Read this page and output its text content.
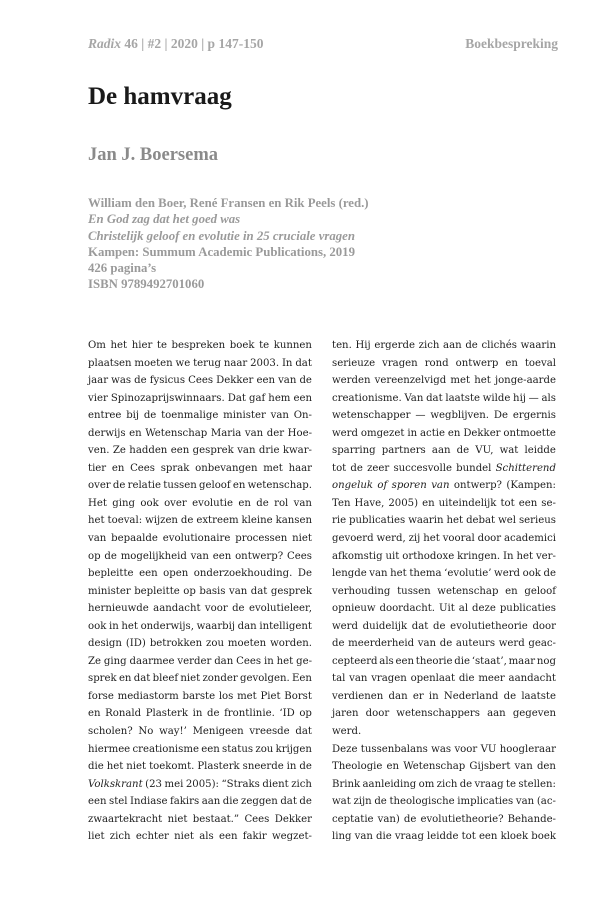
Radix 46 | #2 | 2020 | p 147-150	Boekbespreking
De hamvraag
Jan J. Boersema
William den Boer, René Fransen en Rik Peels (red.)
En God zag dat het goed was
Christelijk geloof en evolutie in 25 cruciale vragen
Kampen: Summum Academic Publications, 2019
426 pagina’s
ISBN 9789492701060
Om het hier te bespreken boek te kunnen
plaatsen moeten we terug naar 2003. In dat
jaar was de fysicus Cees Dekker een van de
vier Spinozaprijswinnaars. Dat gaf hem een
entree bij de toenmalige minister van On-
derwijs en Wetenschap Maria van der Hoe-
ven. Ze hadden een gesprek van drie kwar-
tier en Cees sprak onbevangen met haar
over de relatie tussen geloof en wetenschap.
Het ging ook over evolutie en de rol van
het toeval: wijzen de extreem kleine kansen
van bepaalde evolutionaire processen niet
op de mogelijkheid van een ontwerp? Cees
bepleitte een open onderzoekhouding. De
minister bepleitte op basis van dat gesprek
hernieuwde aandacht voor de evolutieleer,
ook in het onderwijs, waarbij dan intelligent
design (ID) betrokken zou moeten worden.
Ze ging daarmee verder dan Cees in het ge-
sprek en dat bleef niet zonder gevolgen. Een
forse mediastorm barste los met Piet Borst
en Ronald Plasterk in de frontlinie. ‘ID op
scholen? No way!’ Menigeen vreesde dat
hiermee creationisme een status zou krijgen
die het niet toekomt. Plasterk sneerde in de
Volkskrant (23 mei 2005): “Straks dient zich
een stel Indiase fakirs aan die zeggen dat de
zwaartekracht niet bestaat.” Cees Dekker
liet zich echter niet als een fakir wegzet-
ten. Hij ergerde zich aan de clichés waarin
serieuze vragen rond ontwerp en toeval
werden vereenzelvigd met het jonge-aarde
creationisme. Van dat laatste wilde hij — als
wetenschapper — wegblijven. De ergernis
werd omgezet in actie en Dekker ontmoette
sparring partners aan de VU, wat leidde
tot de zeer succesvolle bundel Schitterend
ongeluk of sporen van ontwerp? (Kampen:
Ten Have, 2005) en uiteindelijk tot een se-
rie publicaties waarin het debat wel serieus
gevoerd werd, zij het vooral door academici
afkomstig uit orthodoxe kringen. In het ver-
lengde van het thema ‘evolutie’ werd ook de
verhouding tussen wetenschap en geloof
opnieuw doordacht. Uit al deze publicaties
werd duidelijk dat de evolutietheorie door
de meerderheid van de auteurs werd geac-
cepteerd als een theorie die ‘staat’, maar nog
tal van vragen openlaat die meer aandacht
verdienen dan er in Nederland de laatste
jaren door wetenschappers aan gegeven
werd.
Deze tussenbalans was voor VU hoogleraar
Theologie en Wetenschap Gijsbert van den
Brink aanleiding om zich de vraag te stellen:
wat zijn de theologische implicaties van (ac-
ceptatie van) de evolutietheorie? Behande-
ling van die vraag leidde tot een kloek boek
